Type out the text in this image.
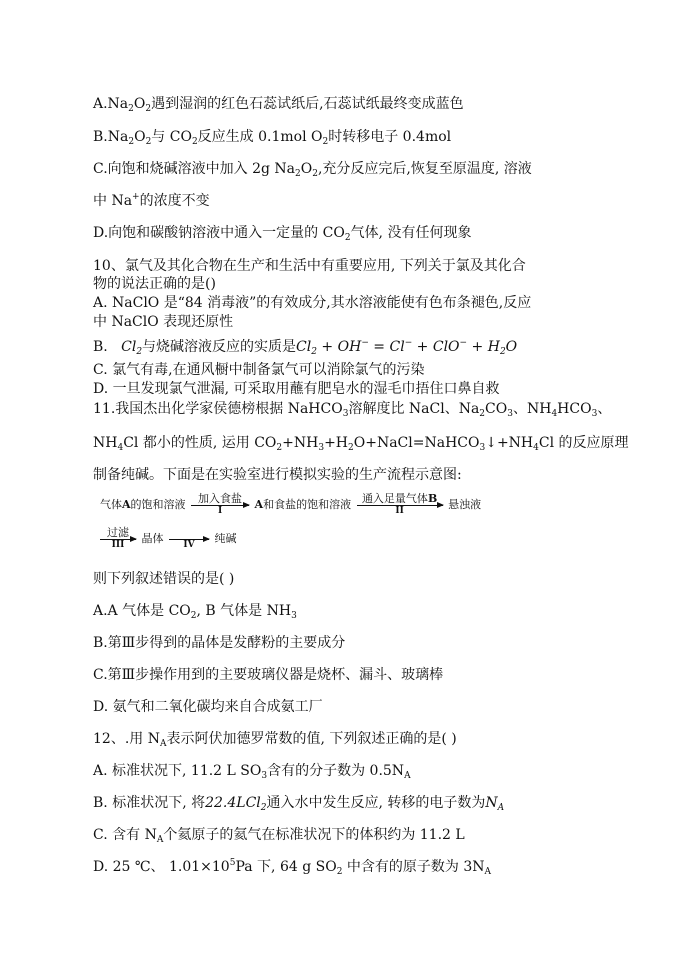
$A.Na_2O_2$遇到湿润的红色石蕊试纸后,石蕊试纸最终变成蓝色
$B.Na_2O_2$与 $CO_2$反应生成 0.1mol $O_2$时转移电子 0.4mol
C.向饱和烧碱溶液中加入 2g $Na_2O_2$,充分反应完后,恢复至原温度, 溶液
中 Na+的浓度不变
D.向饱和碳酸钠溶液中通入一定量的 $CO_2$气体, 没有任何现象
10、氯气及其化合物在生产和生活中有重要应用, 下列关于氯及其化合
物的说法正确的是()
A. NaClO 是“84 消毒液”的有效成分,其水溶液能使有色布条褪色,反应
中 NaClO 表现还原性
B. $Cl_2$与烧碱溶液反应的实质是$Cl_2 + OH^- = Cl^- + ClO^- + H_2O$
C. 氯气有毒,在通风橱中制备氯气可以消除氯气的污染
D. 一旦发现氯气泄漏, 可采取用蘸有肥皂水的湿毛巾捂住口鼻自救
11.我国杰出化学家侯德榜根据 NaHCO$_3$溶解度比 NaCl、$Na_2CO_3$、$NH_4HCO_3$、
$NH_4Cl$ 都小的性质, 运用 $CO_2+NH_3+H_2O+NaCl=NaHCO_3↓+NH_4Cl$ 的反应原理
制备纯碱。下面是在实验室进行模拟实验的生产流程示意图:
气体A的饱和溶液	加入食盐
I	A和食盐的饱和溶液 通入足量气体B
II	悬浊液
过滤
III	晶体
	IV	纯碱
则下列叙述错误的是( )
A.A 气体是 $CO_2$, B 气体是 $NH_3$
B.第Ⅲ步得到的晶体是发酵粉的主要成分
C.第Ⅲ步操作用到的主要玻璃仪器是烧杯、漏斗、玻璃棒
D. 氨气和二氧化碳均来自合成氨工厂
12、.用 $N_A$表示阿伏加德罗常数的值, 下列叙述正确的是( )
A. 标准状况下, 11.2 L $SO_3$含有的分子数为 $0.5N_A$
B. 标准状况下, 将22.4LCl$_2$通入水中发生反应, 转移的电子数为$N_A$
C. 含有 $N_A$个氦原子的氦气在标准状况下的体积约为 11.2 L
D. 25 ℃、 $1.01\times 10^5Pa$ 下, 64 g $SO_2$ 中含有的原子数为 $3N_A$
